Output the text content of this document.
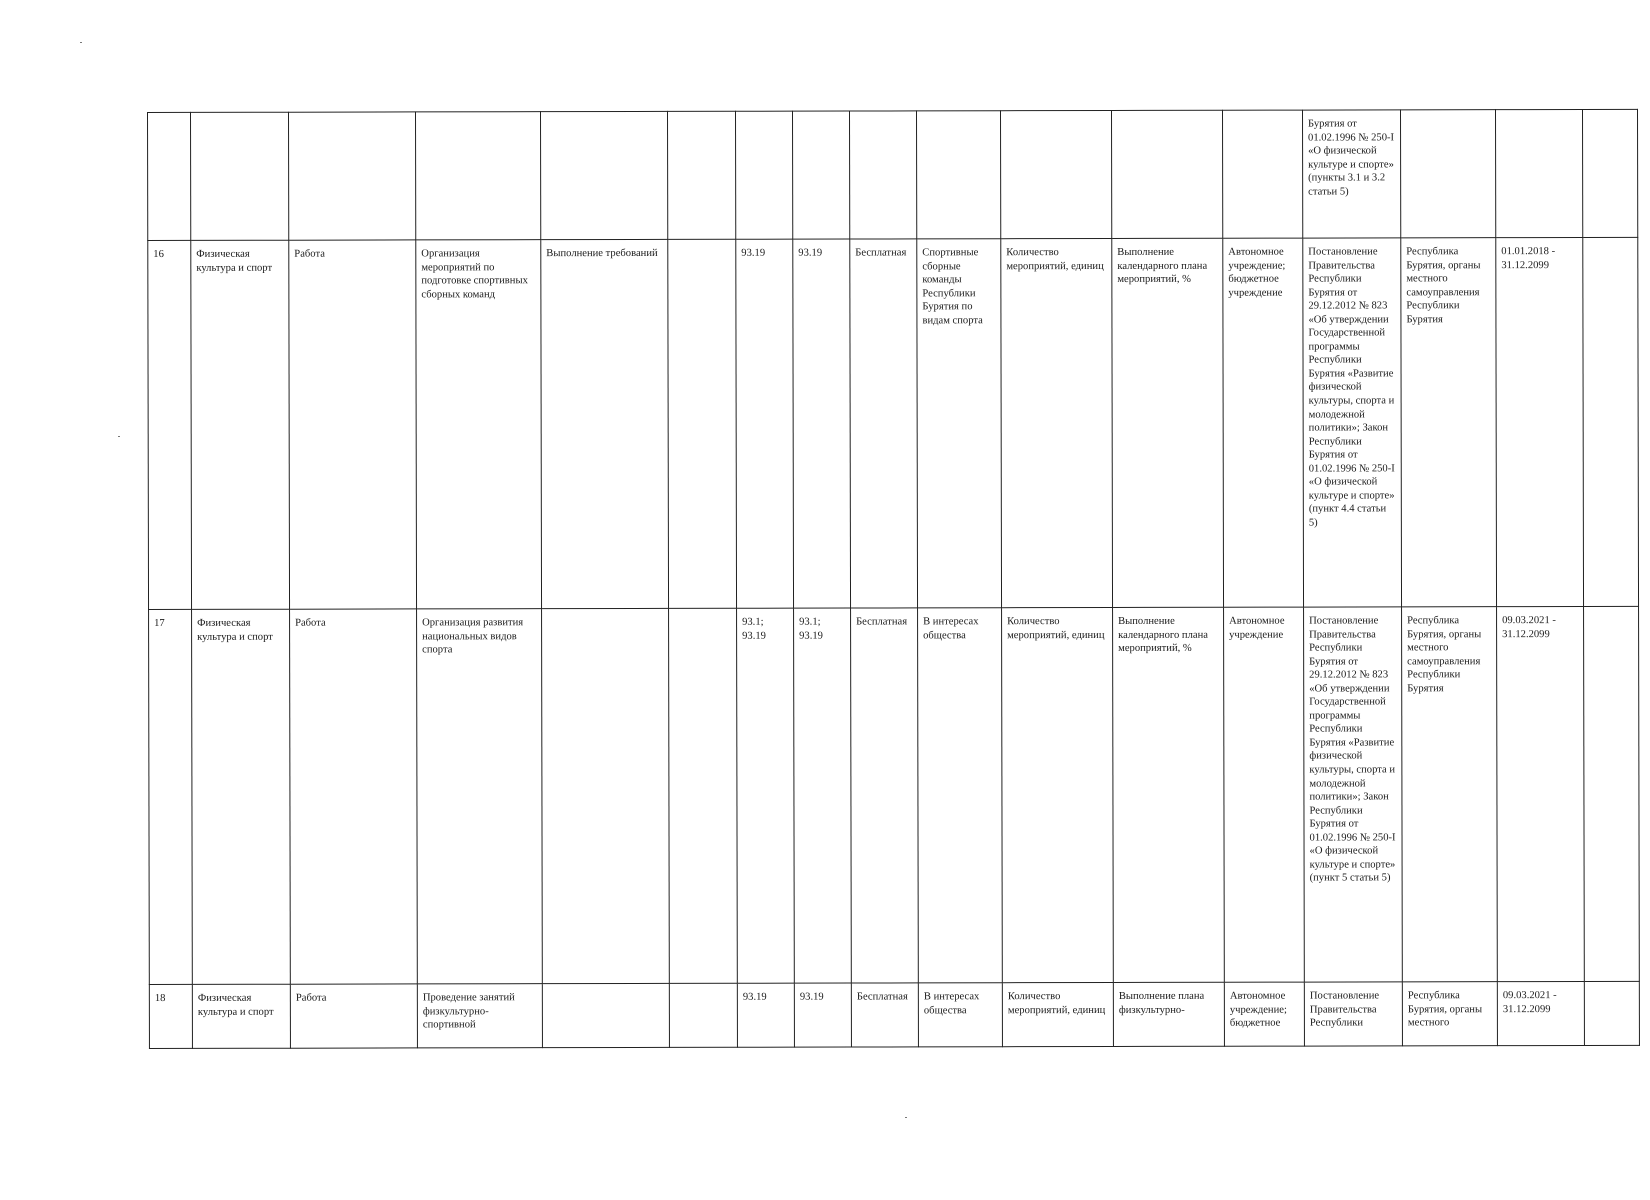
													Бурятия от 01.02.1996 № 250-I «О физической культуре и спорте» (пункты 3.1 и 3.2 статьи 5)			
16	Физическая культура и спорт	Работа	Организация мероприятий по подготовке спортивных сборных команд	Выполнение требований		93.19	93.19	Бесплатная	Спортивные сборные команды Республики Бурятия по видам спорта	Количество мероприятий, единиц	Выполнение календарного плана мероприятий, %	Автономное учреждение; бюджетное учреждение	Постановление Правительства Республики Бурятия от 29.12.2012 № 823 «Об утверждении Государственной программы Республики Бурятия «Развитие физической культуры, спорта и молодежной политики»; Закон Республики Бурятия от 01.02.1996 № 250-I «О физической культуре и спорте» (пункт 4.4 статьи 5)	Республика Бурятия, органы местного самоуправления Республики Бурятия	01.01.2018 - 31.12.2099	
17	Физическая культура и спорт	Работа	Организация развития национальных видов спорта			93.1; 93.19	93.1; 93.19	Бесплатная	В интересах общества	Количество мероприятий, единиц	Выполнение календарного плана мероприятий, %	Автономное учреждение	Постановление Правительства Республики Бурятия от 29.12.2012 № 823 «Об утверждении Государственной программы Республики Бурятия «Развитие физической культуры, спорта и молодежной политики»; Закон Республики Бурятия от 01.02.1996 № 250-I «О физической культуре и спорте» (пункт 5 статьи 5)	Республика Бурятия, органы местного самоуправления Республики Бурятия	09.03.2021 - 31.12.2099	
18	Физическая культура и спорт	Работа	Проведение занятий физкультурно-спортивной			93.19	93.19	Бесплатная	В интересах общества	Количество мероприятий, единиц	Выполнение плана физкультурно-	Автономное учреждение; бюджетное	Постановление Правительства Республики	Республика Бурятия, органы местного	09.03.2021 - 31.12.2099	
